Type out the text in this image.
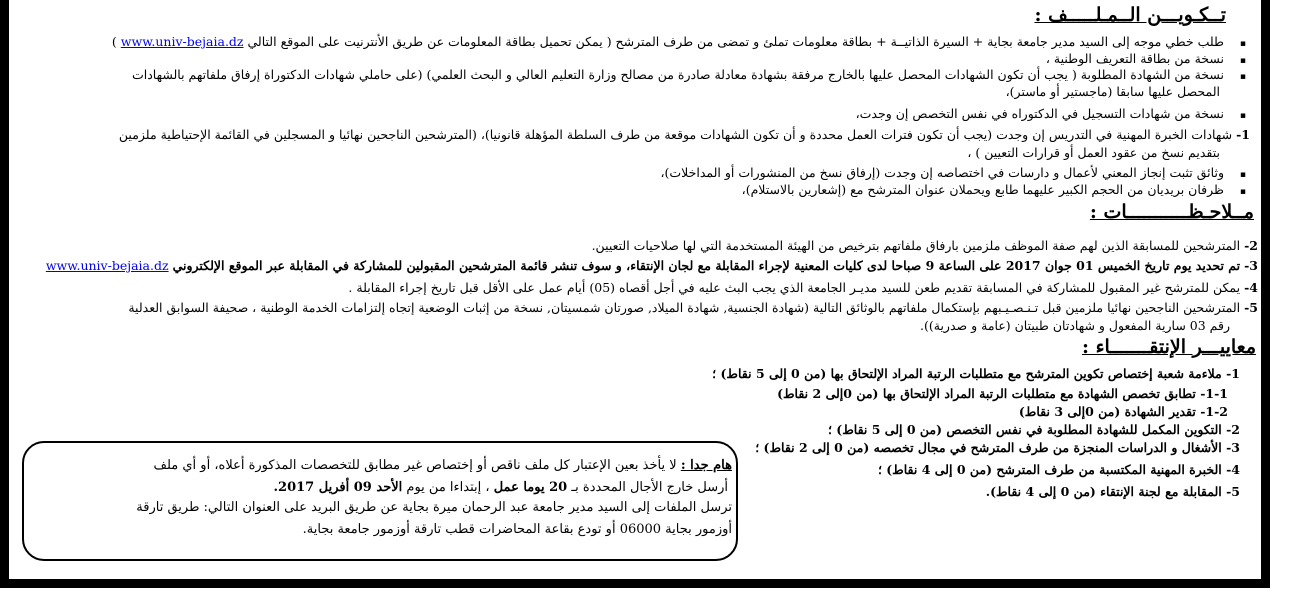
تــكـويـــن الــمـلـــــف :
▪    طلب خطي موجه إلى السيد مدير جامعة بجاية + السيرة الذاتيــة + بطاقة معلومات تملئ و تمضى من طرف المترشح ( يمكن تحميل بطاقة المعلومات عن طريق الأنترنيت على الموقع التالي www.univ-bejaia.dz )
▪    نسخة من بطاقة التعريف الوطنية ،
▪    نسخة من الشهادة المطلوبة ( يجب أن تكون الشهادات المحصل عليها بالخارج مرفقة بشهادة معادلة صادرة من مصالح وزارة التعليم العالي و البحث العلمي) (على حاملي شهادات الدكتوراة إرفاق ملفاتهم بالشهادات
المحصل عليها سابقا (ماجستير أو ماستر)،
▪    نسخة من شهادات التسجيل في الدكتوراه في نفس التخصص إن وجدت،
1- شهادات الخبرة المهنية في التدريس إن وجدت (يجب أن تكون فترات العمل محددة و أن تكون الشهادات موقعة من طرف السلطة المؤهلة قانونيا)، (المترشحين الناجحين نهائيا و المسجلين في القائمة الإحتياطية ملزمين
بتقديم نسخ من عقود العمل أو قرارات التعيين ) ،
▪    وثائق تثبت إنجاز المعني لأعمال و دارسات في اختصاصه إن وجدت (إرفاق نسخ من المنشورات أو المداخلات)،
▪    ظرفان بريديان من الحجم الكبير عليهما طابع ويحملان عنوان المترشح مع (إشعارين بالاستلام)،
مــلاحـظـــــــــــات :
2- المترشحين للمسابقة الذين لهم صفة الموظف ملزمين بارفاق ملفاتهم بترخيص من الهيئة المستخدمة التي لها صلاحيات التعيين.
3- تم تحديد يوم تاريخ الخميس 01 جوان 2017 على الساعة 9 صباحا لدى كليات المعنية لإجراء المقابلة مع لجان الإنتقاء، و سوف تنشر قائمة المترشحين المقبولين للمشاركة في المقابلة عبر الموقع الإلكتروني www.univ-bejaia.dz
4- يمكن للمترشح غير المقبول للمشاركة في المسابقة تقديم طعن للسيد مديـر الجامعة الذي يجب البث عليه في أجل أقصاه (05) أيام عمل على الأقل قبل تاريخ إجراء المقابلة .
5- المترشحين الناجحين نهائيا ملزمين قبل تـنـصـيـبهم بإستكمال ملفاتهم بالوثائق التالية (شهادة الجنسية, شهادة الميلاد, صورتان شمسيتان, نسخة من إثبات الوضعية إتجاه إلتزامات الخدمة الوطنية ، صحيفة السوابق العدلية
رقم 03 سارية المفعول و شهادتان طبيتان (عامة و صدرية)).
معاييـــر الإنتقـــــــاء :
1- ملاءمة شعبة إختصاص تكوين المترشح مع متطلبات الرتبة المراد الإلتحاق بها (من 0 إلى 5 نقاط) ؛
1-1- تطابق تخصص الشهادة مع متطلبات الرتبة المراد الإلتحاق بها (من 0إلى 2 نقاط)
1-2- تقدير الشهادة (من 0إلى 3 نقاط)
2- التكوين المكمل للشهادة المطلوبة في نفس التخصص (من 0 إلى 5 نقاط) ؛
3- الأشغال و الدراسات المنجزة من طرف المترشح في مجال تخصصه (من 0 إلى 2 نقاط) ؛
4- الخبرة المهنية المكتسبة من طرف المترشح (من 0 إلى 4 نقاط) ؛
5- المقابلة مع لجنة الإنتقاء (من 0 إلى 4 نقاط).
هام جدا : لا يأخذ بعين الإعتبار كل ملف ناقص أو إختصاص غير مطابق للتخصصات المذكورة أعلاه، أو أي ملف
أرسل خارج الأجال المحددة بـ 20 يوما عمل ، إبتداءا من يوم الأحد 09 أفريل 2017.
ترسل الملفات إلى السيد مدير جامعة عبد الرحمان ميرة بجاية عن طريق البريد على العنوان التالي: طريق تارقة
أوزمور بجاية 06000 أو تودع بقاعة المحاضرات قطب تارقة أوزمور جامعة بجاية.
